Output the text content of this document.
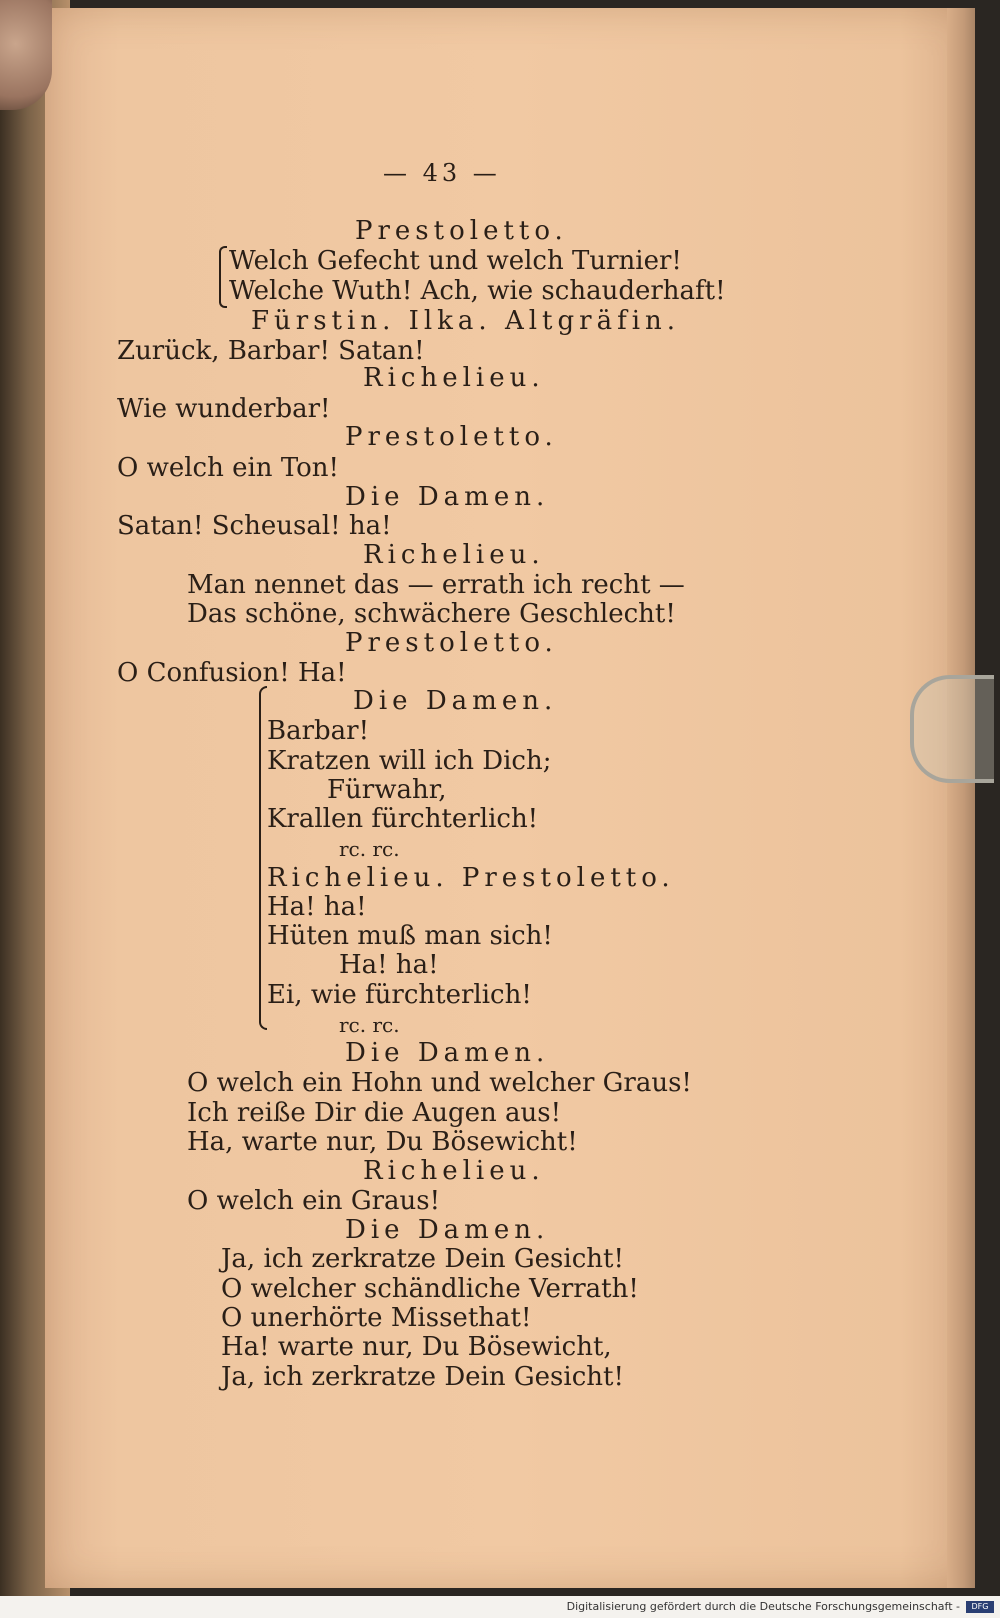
— 43 —
Prestoletto.
Welch Gefecht und welch Turnier!
Welche Wuth! Ach, wie schauderhaft!
Fürstin. Ilka. Altgräfin.
Zurück, Barbar! Satan!
Richelieu.
Wie wunderbar!
Prestoletto.
O welch ein Ton!
Die Damen.
Satan! Scheusal! ha!
Richelieu.
Man nennet das — errath ich recht —
Das schöne, schwächere Geschlecht!
Prestoletto.
O Confusion! Ha!
Die Damen.
Barbar!
Kratzen will ich Dich;
Fürwahr,
Krallen fürchterlich!
rc. rc.
Richelieu. Prestoletto.
Ha! ha!
Hüten muß man sich!
Ha! ha!
Ei, wie fürchterlich!
rc. rc.
Die Damen.
O welch ein Hohn und welcher Graus!
Ich reiße Dir die Augen aus!
Ha, warte nur, Du Bösewicht!
Richelieu.
O welch ein Graus!
Die Damen.
Ja, ich zerkratze Dein Gesicht!
O welcher schändliche Verrath!
O unerhörte Missethat!
Ha! warte nur, Du Bösewicht,
Ja, ich zerkratze Dein Gesicht!
Digitalisierung gefördert durch die Deutsche Forschungsgemeinschaft -	DFG
